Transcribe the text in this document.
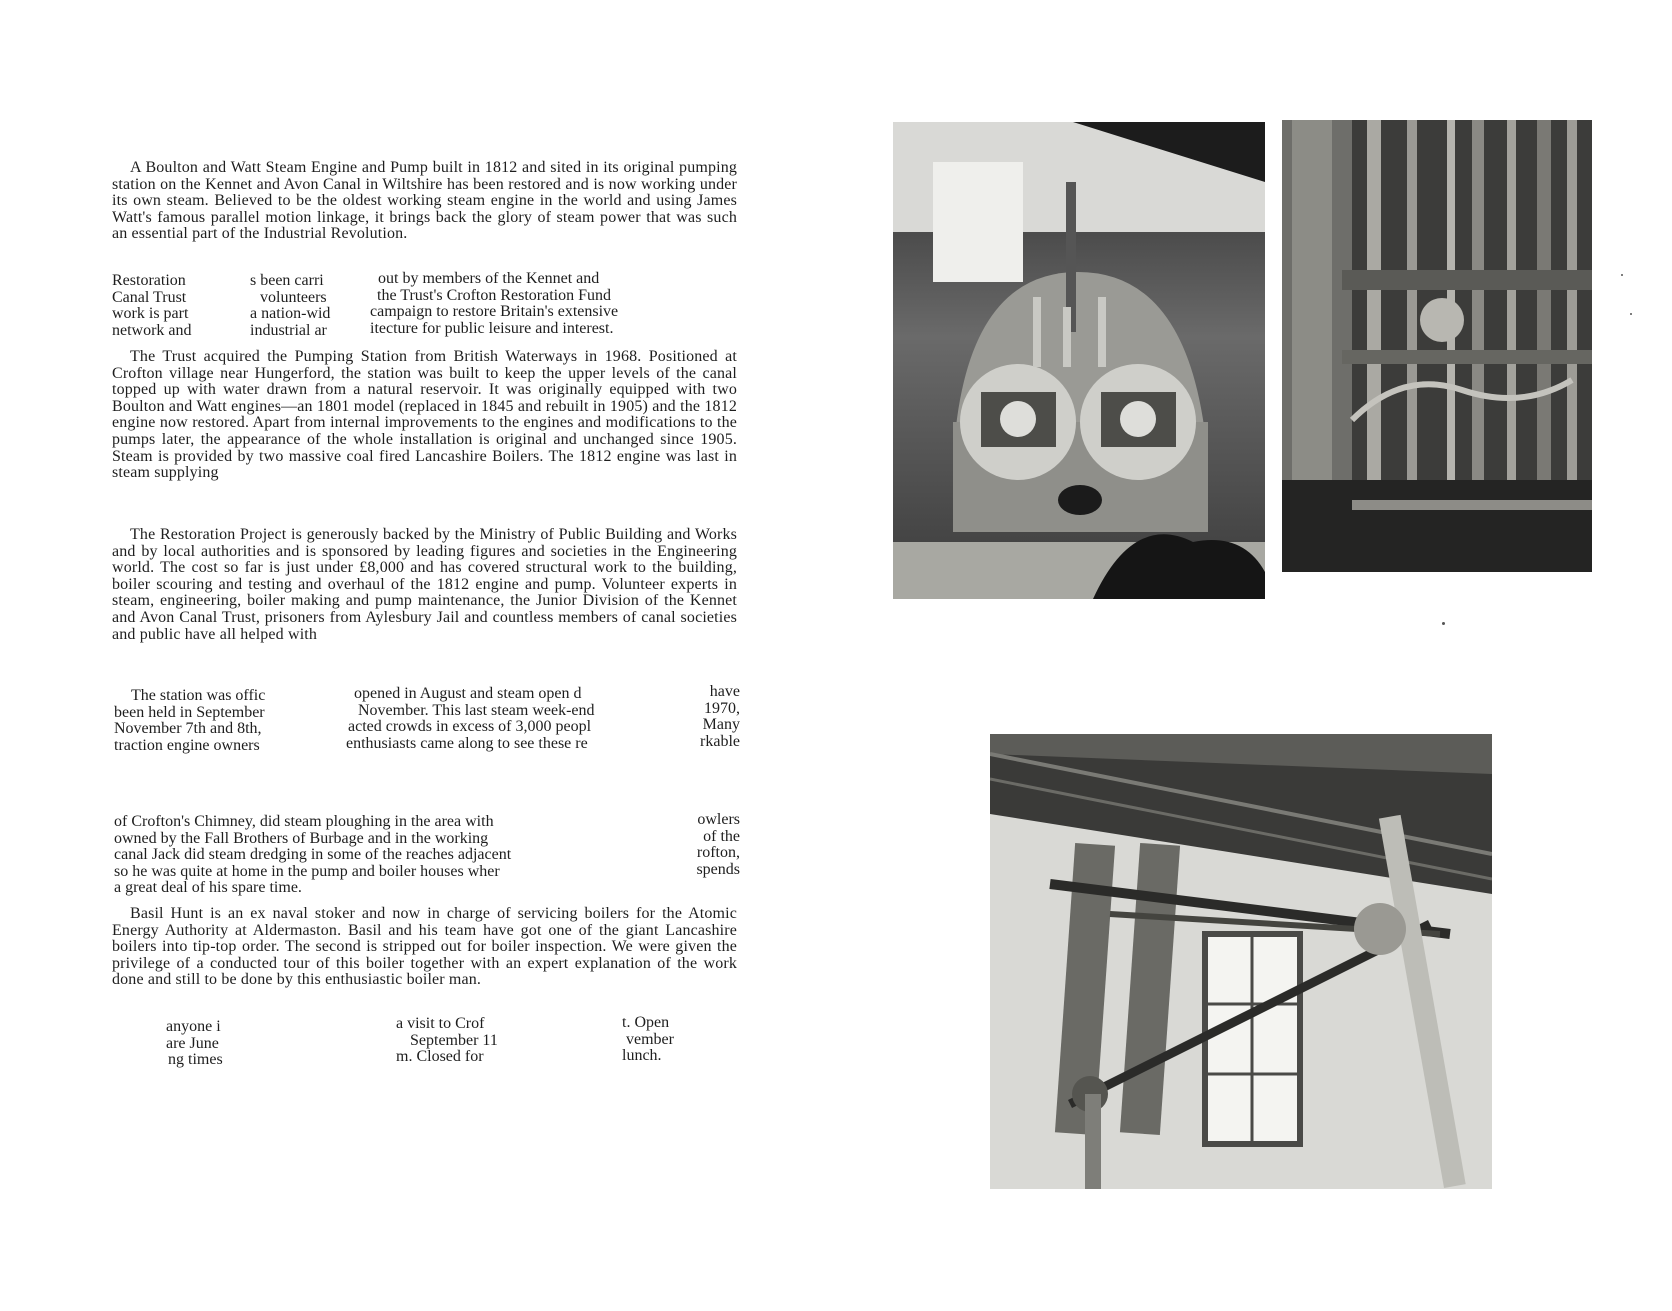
A Boulton and Watt Steam Engine and Pump built in 1812 and sited in its original pumping station on the Kennet and Avon Canal in Wiltshire has been restored and is now working under its own steam. Believed to be the oldest working steam engine in the world and using James Watt's famous parallel motion linkage, it brings back the glory of steam power that was such an essential part of the Industrial Revolution.

Restoration
Canal Trust
work is part
network and
s been carri
volunteers
a nation-wid
industrial ar
out by members of the Kennet and
the Trust's Crofton Restoration Fund
campaign to restore Britain's extensive
itecture for public leisure and interest.

The Trust acquired the Pumping Station from British Waterways in 1968. Positioned at Crofton village near Hungerford, the station was built to keep the upper levels of the canal topped up with water drawn from a natural reservoir. It was originally equipped with two Boulton and Watt engines—an 1801 model (replaced in 1845 and rebuilt in 1905) and the 1812 engine now restored. Apart from internal improvements to the engines and modifications to the pumps later, the appearance of the whole installation is original and unchanged since 1905. Steam is provided by two massive coal fired Lancashire Boilers. The 1812 engine was last in steam supplying

The Restoration Project is generously backed by the Ministry of Public Building and Works and by local authorities and is sponsored by leading figures and societies in the Engineering world. The cost so far is just under £8,000 and has covered structural work to the building, boiler scouring and testing and overhaul of the 1812 engine and pump. Volunteer experts in steam, engineering, boiler making and pump maintenance, the Junior Division of the Kennet and Avon Canal Trust, prisoners from Aylesbury Jail and countless members of canal societies and public have all helped with

The station was offic
been held in September
November 7th and 8th,
traction engine owners
opened in August and steam open d
November. This last steam week-end
acted crowds in excess of 3,000 peopl
enthusiasts came along to see these re
have
1970,
Many
rkable
of Crofton's Chimney, did steam ploughing in the area with
owned by the Fall Brothers of Burbage and in the working
canal Jack did steam dredging in some of the reaches adjacent
so he was quite at home in the pump and boiler houses wher
a great deal of his spare time.
owlers
of the
rofton,
spends

Basil Hunt is an ex naval stoker and now in charge of servicing boilers for the Atomic Energy Authority at Aldermaston. Basil and his team have got one of the giant Lancashire boilers into tip-top order. The second is stripped out for boiler inspection. We were given the privilege of a conducted tour of this boiler together with an expert explanation of the work done and still to be done by this enthusiastic boiler man.

anyone i
are June
ng times
a visit to Crof
September 11
m. Closed for
t. Open
vember
lunch.
